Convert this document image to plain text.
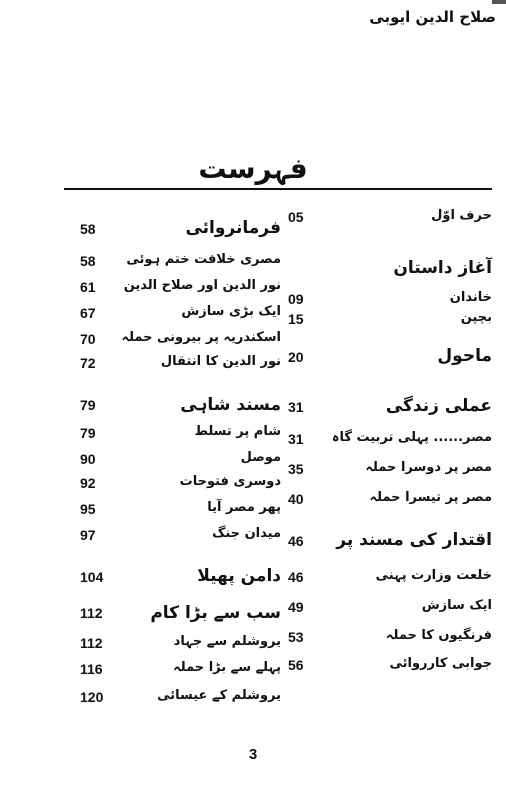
صلاح الدین ایوبی
فہرست
حرف اوّل
05
آغاز داستان
خاندان
09
بچپن
15
ماحول
20
عملی زندگی
31
مصر...... پہلی تربیت گاہ
31
مصر پر دوسرا حملہ
35
مصر پر تیسرا حملہ
40
اقتدار کی مسند پر
46
خلعت وزارت پہنی
46
ایک سازش
49
فرنگیوں کا حملہ
53
جوابی کارروائی
56
فرمانروائی
58
مصری خلافت ختم ہوئی
58
نور الدین اور صلاح الدین
61
ایک بڑی سازش
67
اسکندریہ پر بیرونی حملہ
70
نور الدین کا انتقال
72
مسند شاہی
79
شام پر تسلط
79
موصل
90
دوسری فتوحات
92
پھر مصر آیا
95
میدان جنگ
97
دامن پھیلا
104
سب سے بڑا کام
112
یروشلم سے جہاد
112
پہلے سے بڑا حملہ
116
یروشلم کے عیسائی
120
3
